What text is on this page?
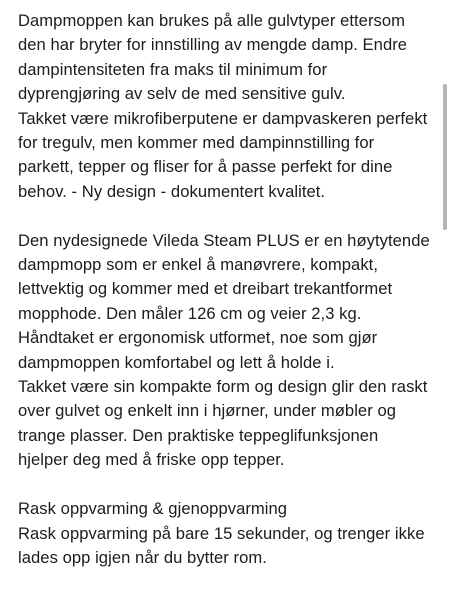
Dampmoppen kan brukes på alle gulvtyper ettersom
den har bryter for innstilling av mengde damp. Endre
dampintensiteten fra maks til minimum for
dyprengjøring av selv de med sensitive gulv.
Takket være mikrofiberputene er dampvaskeren perfekt
for tregulv, men kommer med dampinnstilling for
parkett, tepper og fliser for å passe perfekt for dine
behov. - Ny design - dokumentert kvalitet.
Den nydesignede Vileda Steam PLUS er en høytytende
dampmopp som er enkel å manøvrere, kompakt,
lettvektig og kommer med et dreibart trekantformet
mopphode. Den måler 126 cm og veier 2,3 kg.
Håndtaket er ergonomisk utformet, noe som gjør
dampmoppen komfortabel og lett å holde i.
Takket være sin kompakte form og design glir den raskt
over gulvet og enkelt inn i hjørner, under møbler og
trange plasser. Den praktiske teppeglifunksjonen
hjelper deg med å friske opp tepper.
Rask oppvarming & gjenoppvarming
Rask oppvarming på bare 15 sekunder, og trenger ikke
lades opp igjen når du bytter rom.
